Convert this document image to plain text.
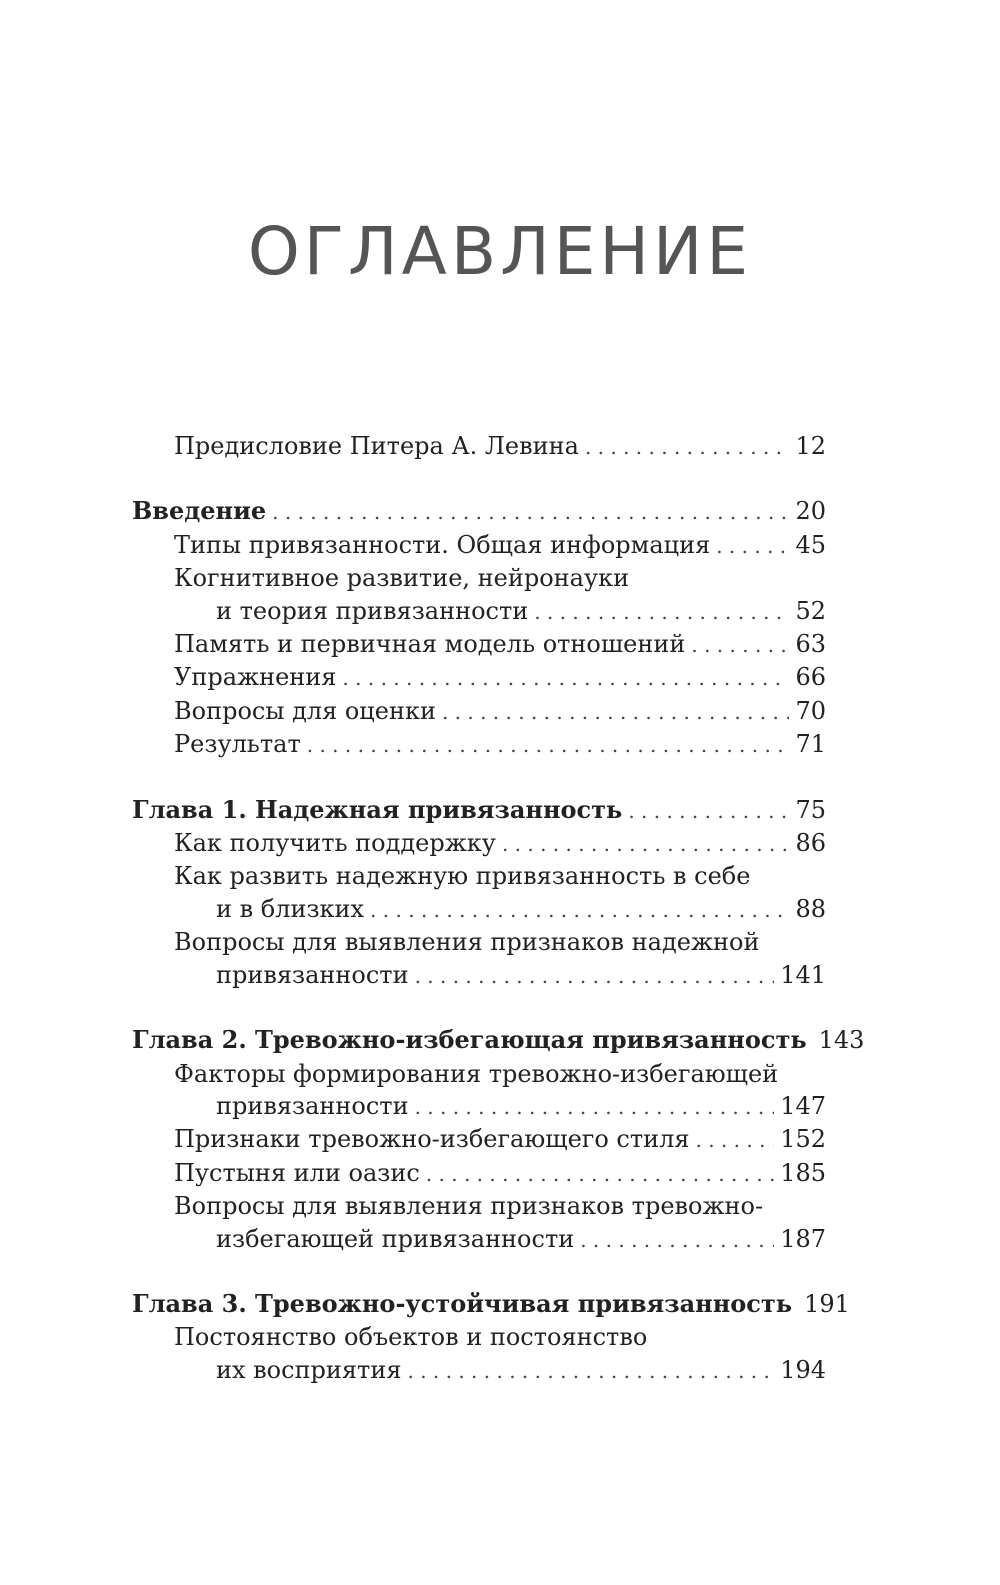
ОГЛАВЛЕНИЕ
Предисловие Питера А. Левина . . .	12
Введение . . .	20
Типы привязанности. Общая информация . . .	45
Когнитивное развитие, нейронауки
и теория привязанности . . .	52
Память и первичная модель отношений . . .	63
Упражнения . . .	66
Вопросы для оценки . . .	70
Результат . . .	71
Глава 1. Надежная привязанность . . .	75
Как получить поддержку . . .	86
Как развить надежную привязанность в себе
и в близких . . .	88
Вопросы для выявления признаков надежной
привязанности . . .	141
Глава 2. Тревожно-избегающая привязанность 143
Факторы формирования тревожно-избегающей
привязанности . . .	147
Признаки тревожно-избегающего стиля . . .	152
Пустыня или оазис . . .	185
Вопросы для выявления признаков тревожно-
избегающей привязанности . . .	187
Глава 3. Тревожно-устойчивая привязанность 191
Постоянство объектов и постоянство
их восприятия . . .	194
